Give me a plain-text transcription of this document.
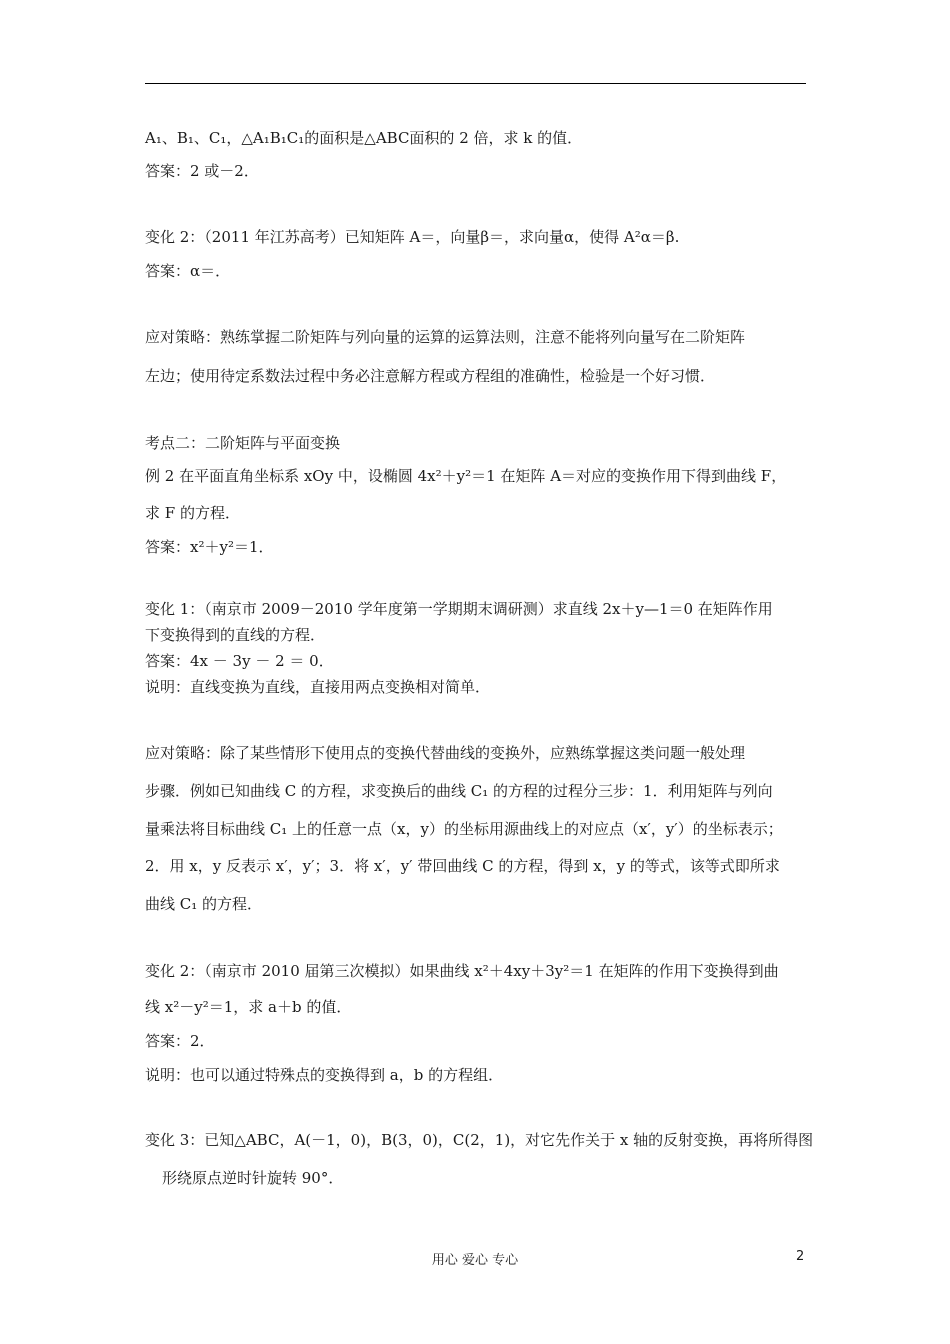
A₁、B₁、C₁，△A₁B₁C₁的面积是△ABC面积的 2 倍，求 k 的值．
答案：2 或－2．
变化 2：（2011 年江苏高考）已知矩阵 A＝，向量β＝，求向量α，使得 A²α＝β.
答案：α＝．
应对策略：熟练掌握二阶矩阵与列向量的运算的运算法则，注意不能将列向量写在二阶矩阵
左边；使用待定系数法过程中务必注意解方程或方程组的准确性，检验是一个好习惯．
考点二：二阶矩阵与平面变换
例 2 在平面直角坐标系 xOy 中，设椭圆 4x²＋y²＝1 在矩阵 A＝对应的变换作用下得到曲线 F，
求 F 的方程．
答案：x²＋y²＝1．
变化 1：（南京市 2009－2010 学年度第一学期期末调研测）求直线 2x＋y—1＝0 在矩阵作用
下变换得到的直线的方程．
答案：4x － 3y － 2 ＝ 0．
说明：直线变换为直线，直接用两点变换相对简单．
应对策略：除了某些情形下使用点的变换代替曲线的变换外，应熟练掌握这类问题一般处理
步骤．例如已知曲线 C 的方程，求变换后的曲线 C₁ 的方程的过程分三步：1．利用矩阵与列向
量乘法将目标曲线 C₁ 上的任意一点（x，y）的坐标用源曲线上的对应点（x′，y′）的坐标表示；
2．用 x，y 反表示 x′，y′；3．将 x′，y′ 带回曲线 C 的方程，得到 x，y 的等式，该等式即所求
曲线 C₁ 的方程．
变化 2：（南京市 2010 届第三次模拟）如果曲线 x²＋4xy＋3y²＝1 在矩阵的作用下变换得到曲
线 x²－y²＝1，求 a＋b 的值．
答案：2．
说明：也可以通过特殊点的变换得到 a，b 的方程组．
变化 3：已知△ABC，A(－1，0)，B(3，0)，C(2，1)，对它先作关于 x 轴的反射变换，再将所得图
形绕原点逆时针旋转 90°．
用心 爱心 专心	2
